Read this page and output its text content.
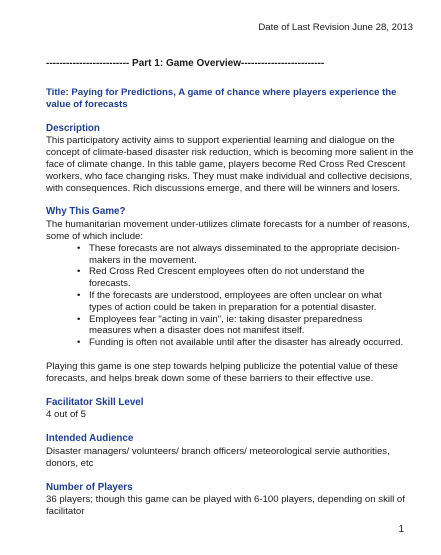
Date of Last Revision June 28, 2013
------------------------- Part 1: Game Overview-------------------------

Title: Paying for Predictions, A game of chance where players experience the value of forecasts

Description

This participatory activity aims to support experiential learning and dialogue on the concept of climate-based disaster risk reduction, which is becoming more salient in the face of climate change. In this table game, players become Red Cross Red Crescent workers, who face changing risks. They must make individual and collective decisions, with consequences. Rich discussions emerge, and there will be winners and losers.

Why This Game?

The humanitarian movement under-utilizes climate forecasts for a number of reasons, some of which include:

• These forecasts are not always disseminated to the appropriate decision-makers in the movement.
• Red Cross Red Crescent employees often do not understand the forecasts.
• If the forecasts are understood, employees are often unclear on what types of action could be taken in preparation for a potential disaster.
• Employees fear "acting in vain", ie: taking disaster preparedness measures when a disaster does not manifest itself.
• Funding is often not available until after the disaster has already occurred.

Playing this game is one step towards helping publicize the potential value of these forecasts, and helps break down some of these barriers to their effective use.

Facilitator Skill Level

4 out of 5

Intended Audience

Disaster managers/ volunteers/ branch officers/ meteorological servie authorities, donors, etc

Number of Players

36 players; though this game can be played with 6-100 players, depending on skill of facilitator

1
